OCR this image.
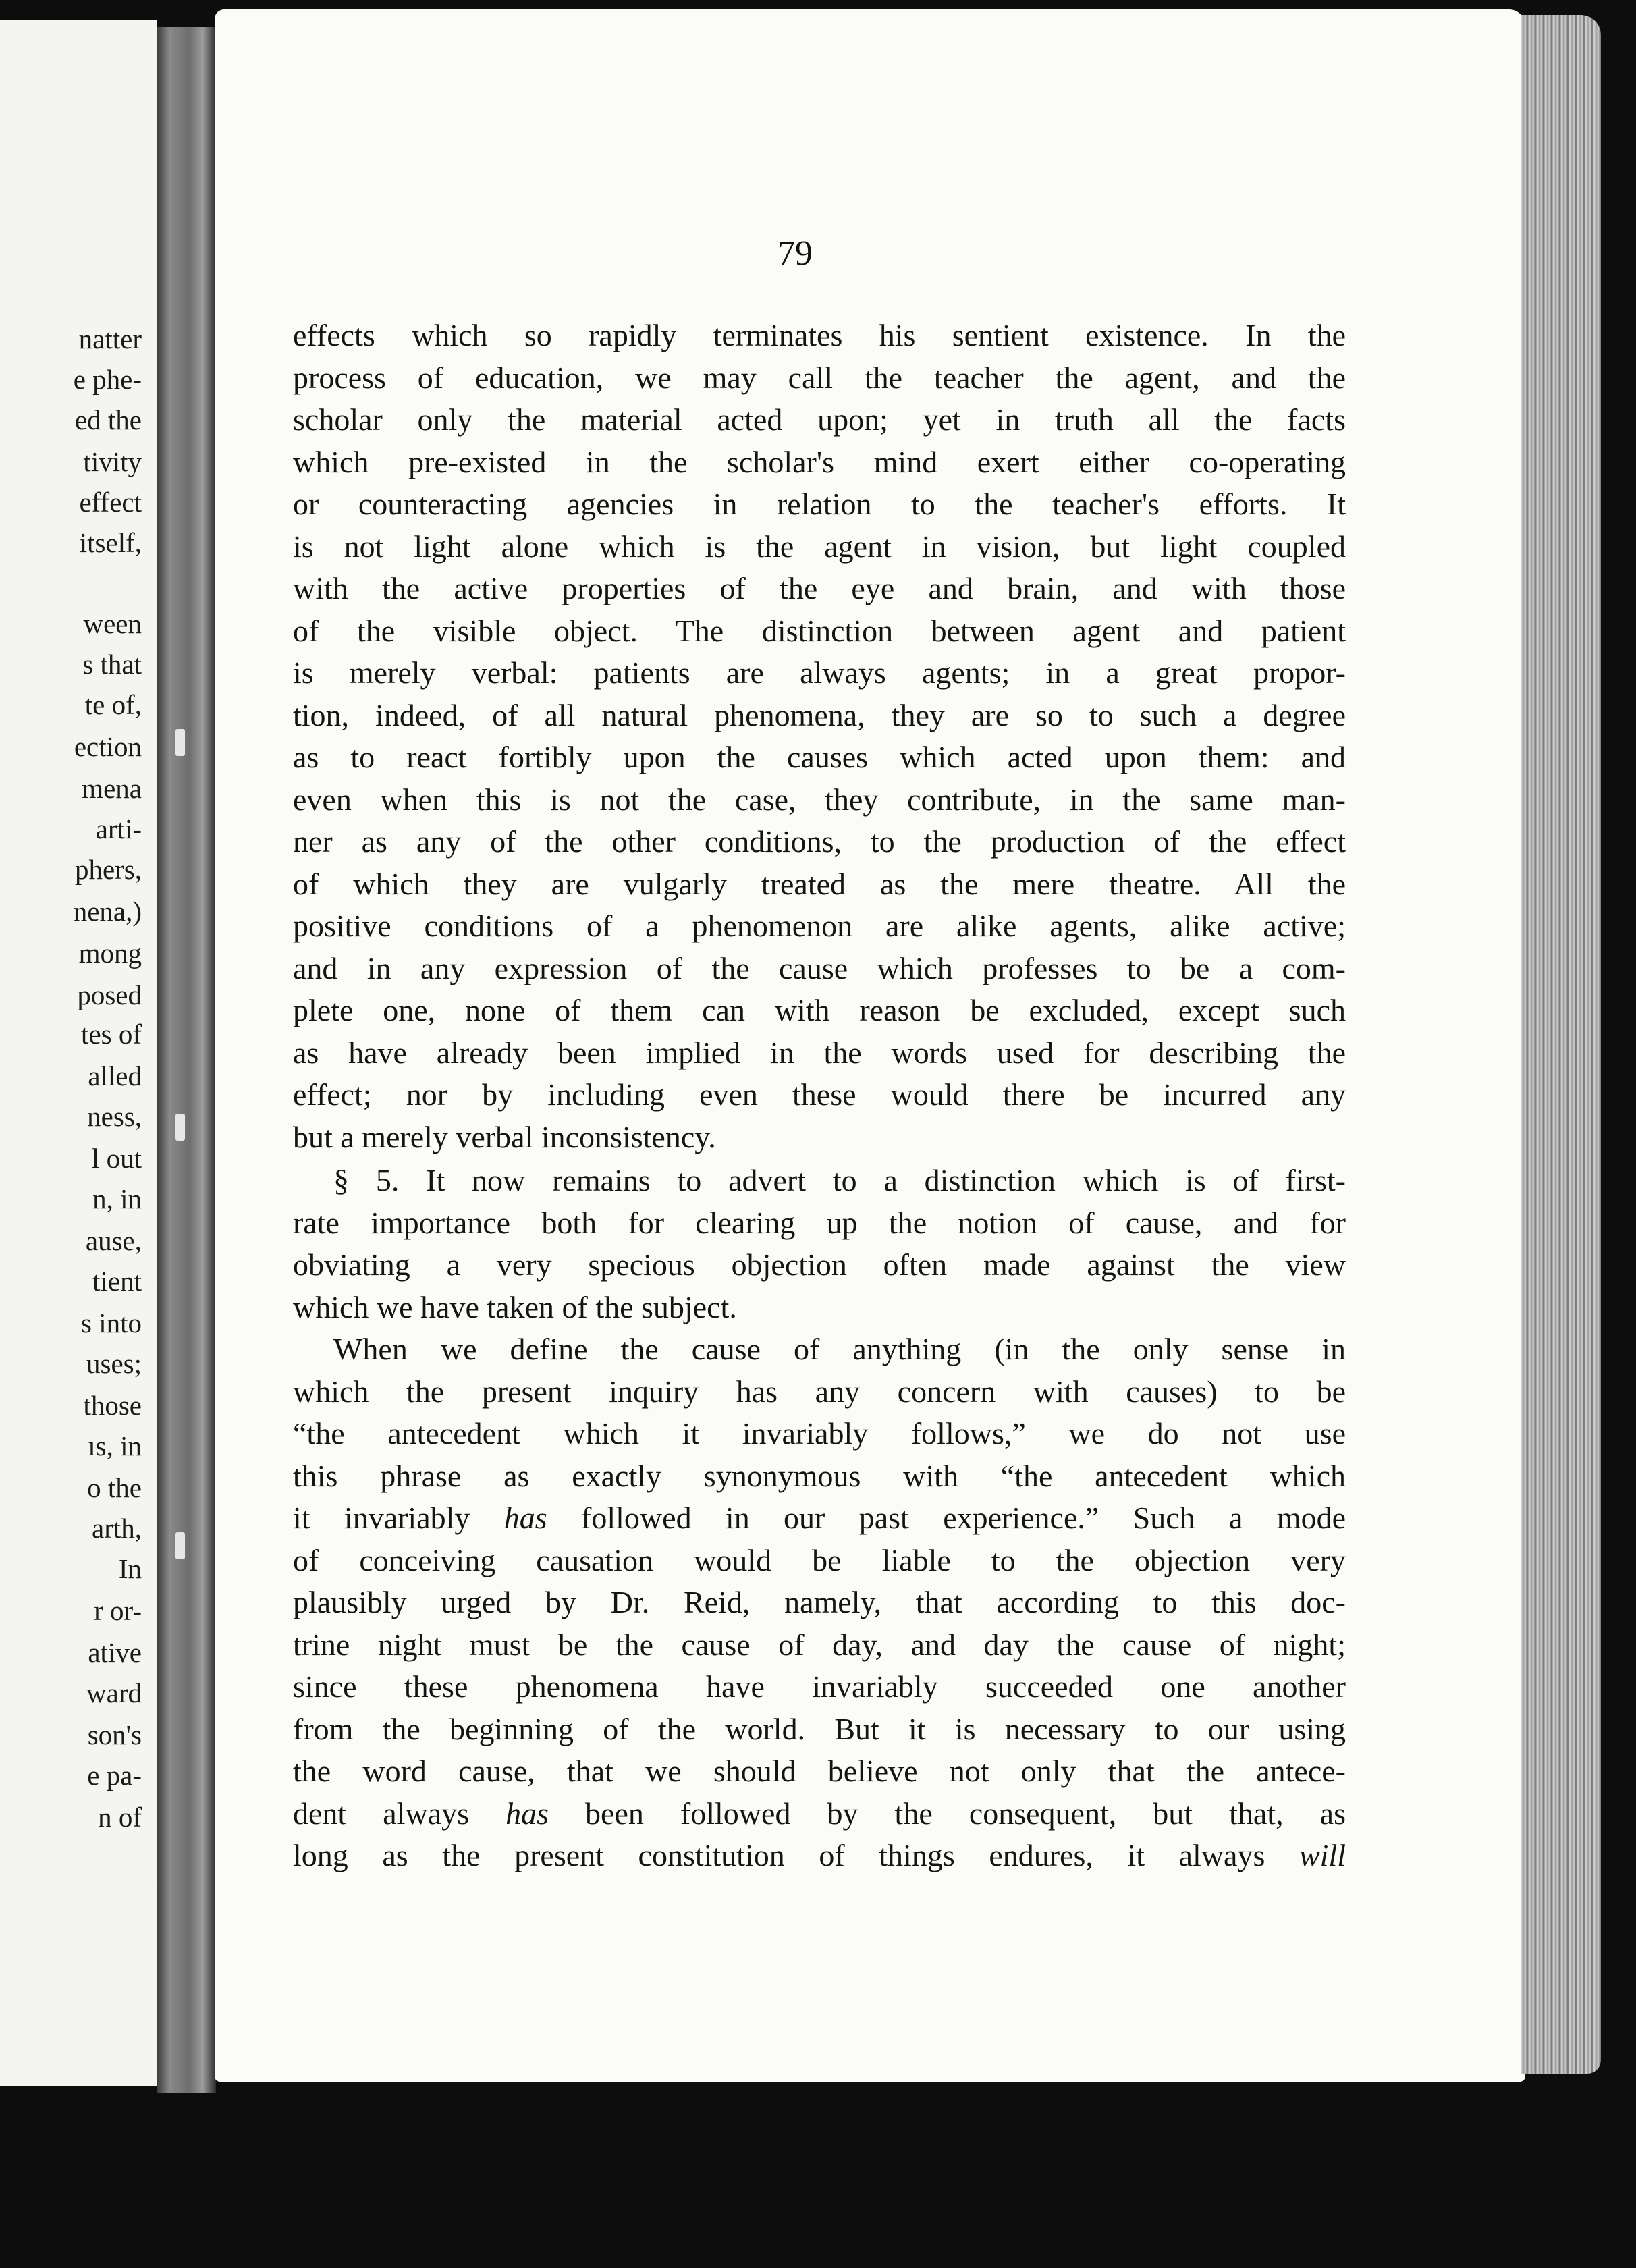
natter

e phe-

ed the

tivity

effect

itself,

ween

s that

te of,

ection

mena

arti-

phers,

nena,)

mong

posed

tes of

alled

ness,

l out

n, in

ause,

tient

s into

uses;

those

ıs, in

o the

arth,

In

r or-

ative

ward

son's

e pa-

n of

79

effects which so rapidly terminates his sentient existence. In the
process of education, we may call the teacher the agent, and the
scholar only the material acted upon; yet in truth all the facts
which pre-existed in the scholar's mind exert either co-operating
or counteracting agencies in relation to the teacher's efforts. It
is not light alone which is the agent in vision, but light coupled
with the active properties of the eye and brain, and with those
of the visible object. The distinction between agent and patient
is merely verbal: patients are always agents; in a great propor-
tion, indeed, of all natural phenomena, they are so to such a degree
as to react fortibly upon the causes which acted upon them: and
even when this is not the case, they contribute, in the same man-
ner as any of the other conditions, to the production of the effect
of which they are vulgarly treated as the mere theatre. All the
positive conditions of a phenomenon are alike agents, alike active;
and in any expression of the cause which professes to be a com-
plete one, none of them can with reason be excluded, except such
as have already been implied in the words used for describing the
effect; nor by including even these would there be incurred any
but a merely verbal inconsistency.
§ 5. It now remains to advert to a distinction which is of first-
rate importance both for clearing up the notion of cause, and for
obviating a very specious objection often made against the view
which we have taken of the subject.
When we define the cause of anything (in the only sense in
which the present inquiry has any concern with causes) to be
“the antecedent which it invariably follows,” we do not use
this phrase as exactly synonymous with “the antecedent which
it invariably has followed in our past experience.” Such a mode
of conceiving causation would be liable to the objection very
plausibly urged by Dr. Reid, namely, that according to this doc-
trine night must be the cause of day, and day the cause of night;
since these phenomena have invariably succeeded one another
from the beginning of the world. But it is necessary to our using
the word cause, that we should believe not only that the antece-
dent always has been followed by the consequent, but that, as
long as the present constitution of things endures, it always will
